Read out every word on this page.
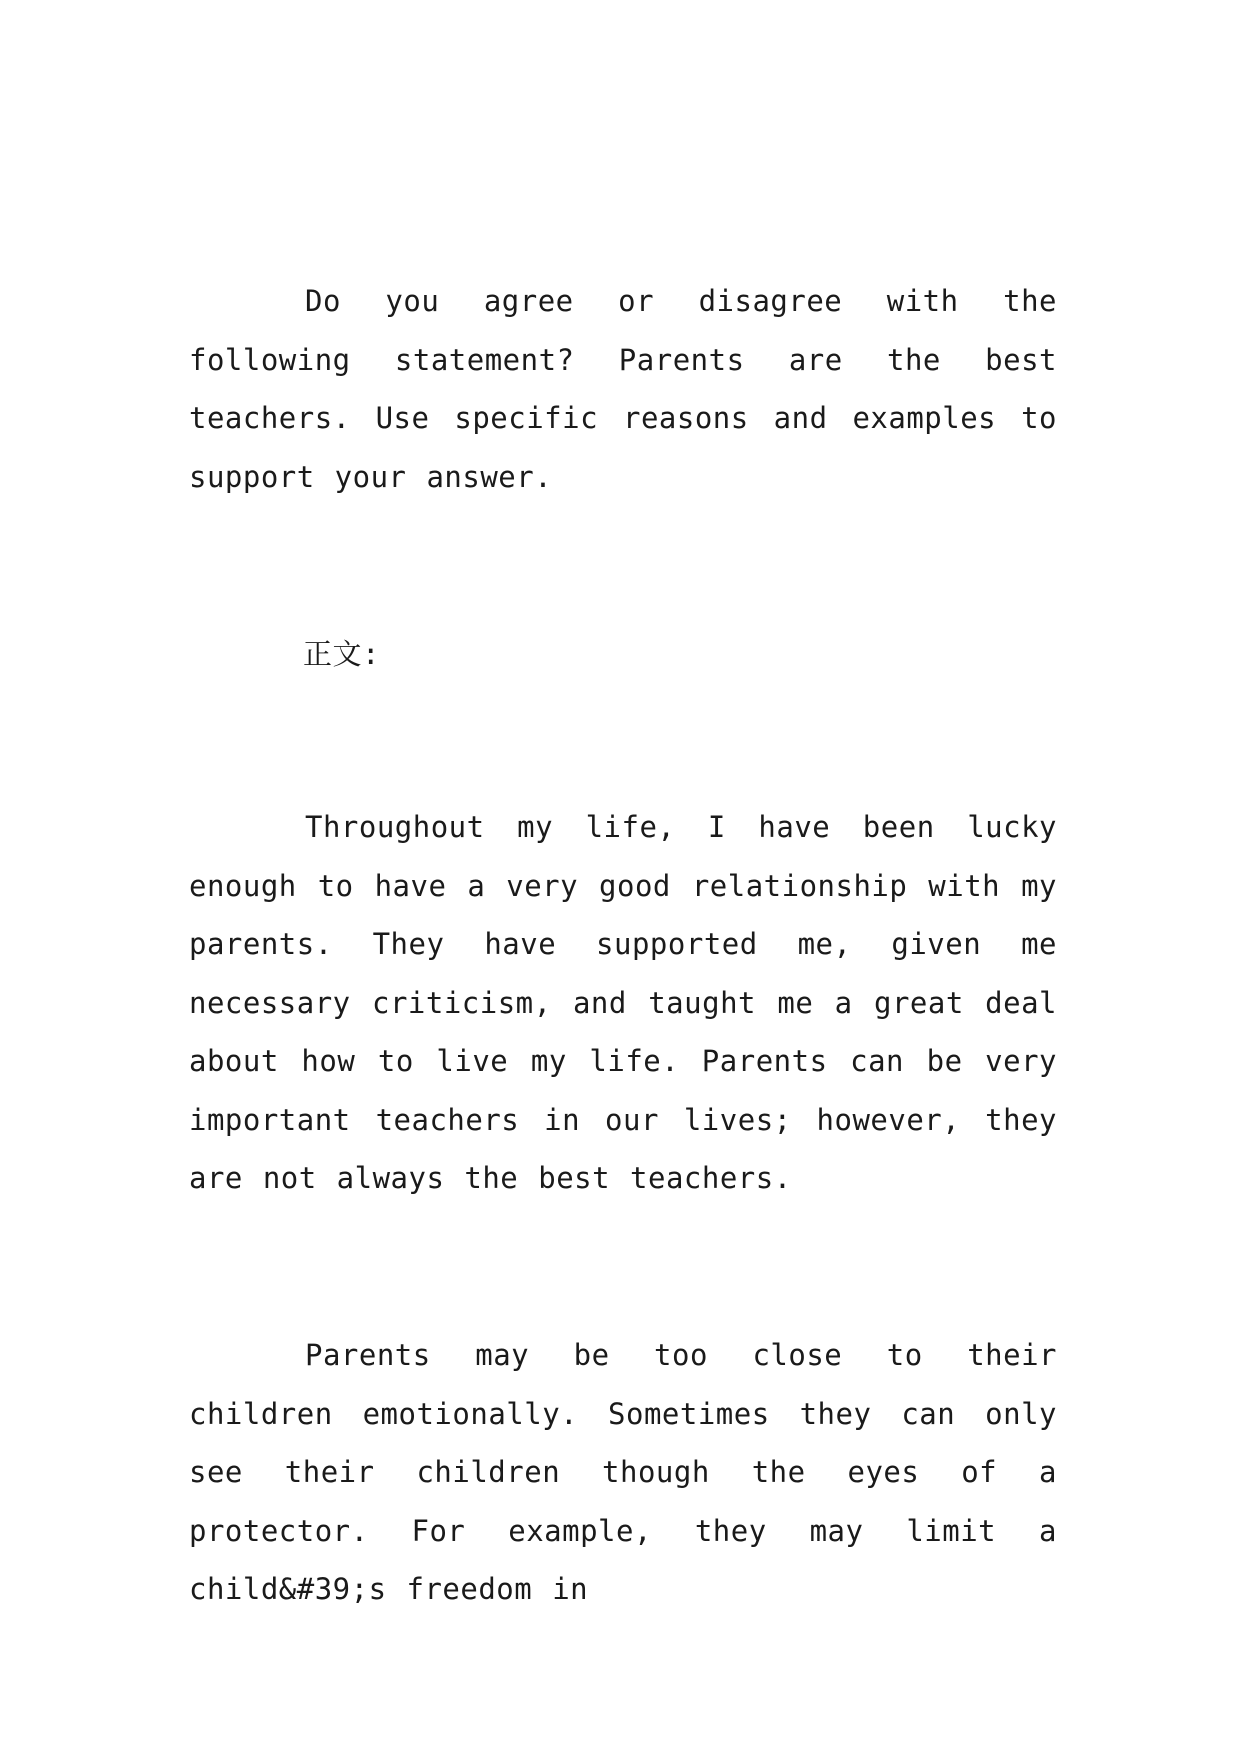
Do you agree or disagree with the following statement? Parents are the best teachers. Use specific reasons and examples to support your answer.

正文:

Throughout my life, I have been lucky enough to have a very good relationship with my parents. They have supported me, given me necessary criticism, and taught me a great deal about how to live my life. Parents can be very important teachers in our lives; however, they are not always the best teachers.

Parents may be too close to their children emotionally. Sometimes they can only see their children though the eyes of a protector. For example, they may limit a child&#39;s freedom in
